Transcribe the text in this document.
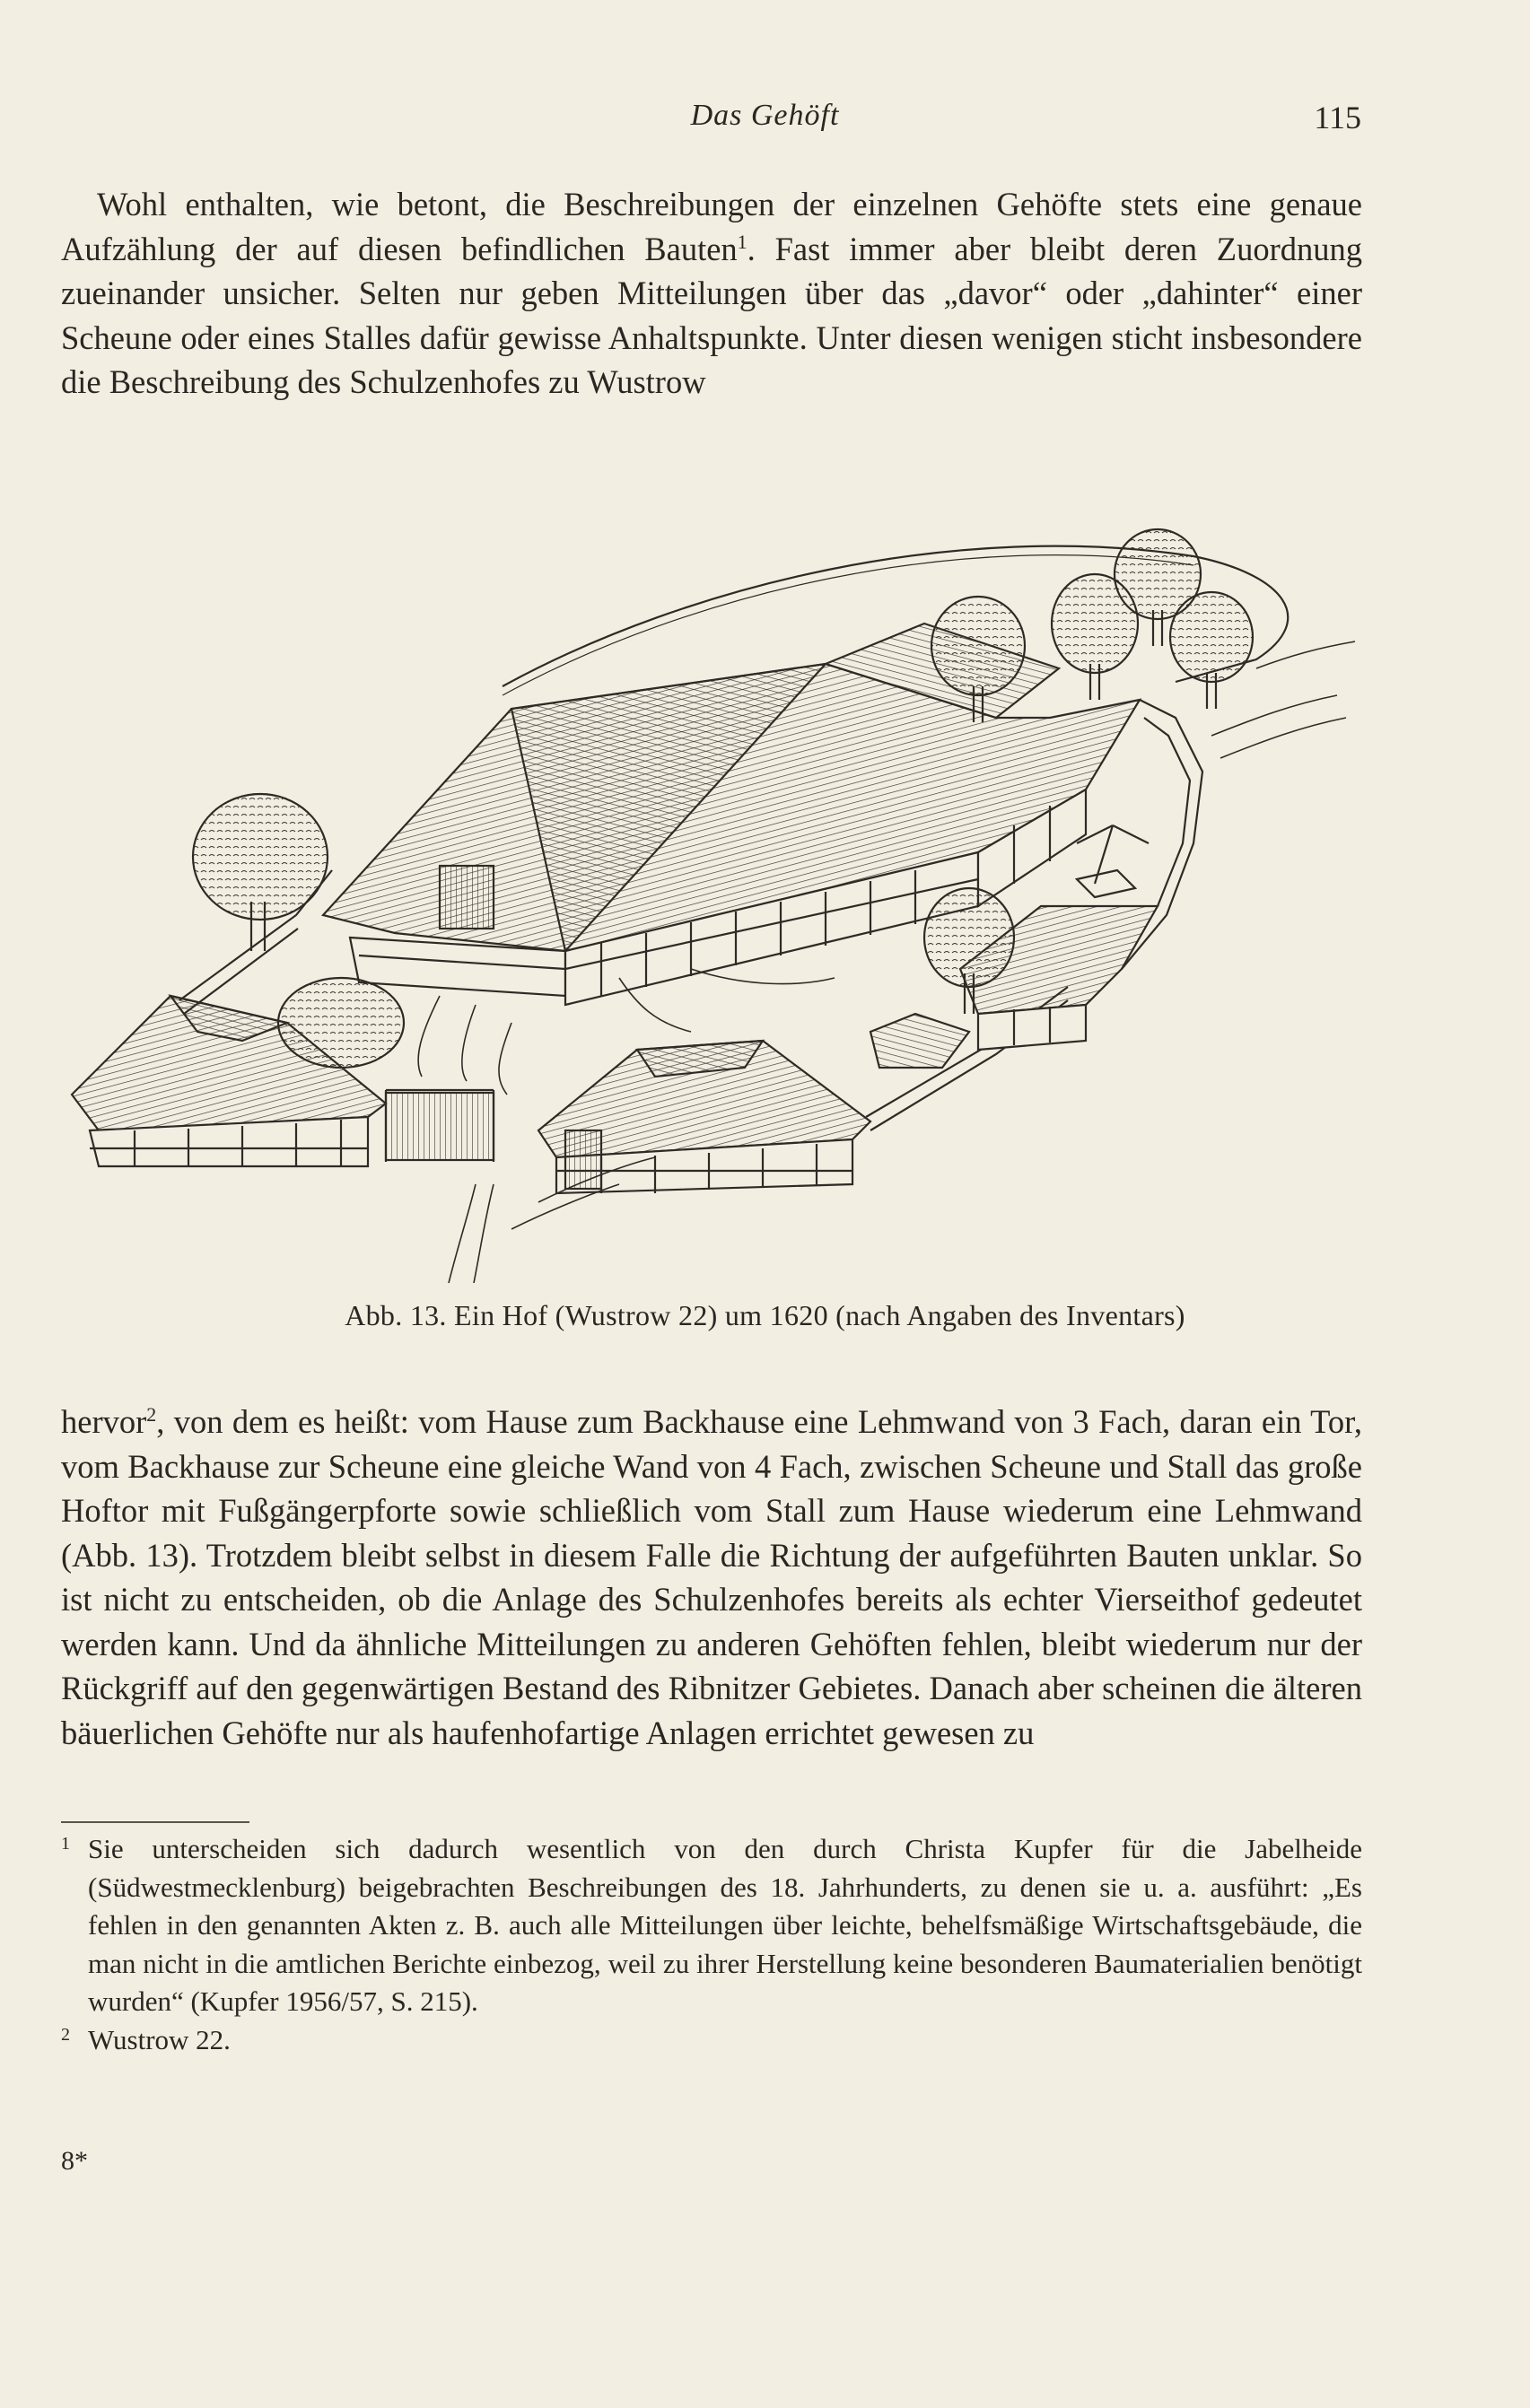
Das Gehöft	115

Wohl enthalten, wie betont, die Beschreibungen der einzelnen Gehöfte stets eine genaue Aufzählung der auf diesen befindlichen Bauten$^1$. Fast immer aber bleibt deren Zuordnung zueinander unsicher. Selten nur geben Mitteilungen über das „davor“ oder „dahinter“ einer Scheune oder eines Stalles dafür gewisse Anhaltspunkte. Unter diesen wenigen sticht insbesondere die Beschreibung des Schulzenhofes zu Wustrow

Abb. 13. Ein Hof (Wustrow 22) um 1620 (nach Angaben des Inventars)

hervor$^2$, von dem es heißt: vom Hause zum Backhause eine Lehmwand von 3 Fach, daran ein Tor, vom Backhause zur Scheune eine gleiche Wand von 4 Fach, zwischen Scheune und Stall das große Hoftor mit Fußgängerpforte sowie schließlich vom Stall zum Hause wiederum eine Lehmwand (Abb. 13). Trotzdem bleibt selbst in diesem Falle die Richtung der aufgeführten Bauten unklar. So ist nicht zu entscheiden, ob die Anlage des Schulzenhofes bereits als echter Vierseithof gedeutet werden kann. Und da ähnliche Mitteilungen zu anderen Gehöften fehlen, bleibt wiederum nur der Rückgriff auf den gegenwärtigen Bestand des Ribnitzer Gebietes. Danach aber scheinen die älteren bäuerlichen Gehöfte nur als haufenhofartige Anlagen errichtet gewesen zu

1 Sie unterscheiden sich dadurch wesentlich von den durch Christa Kupfer für die Jabelheide (Südwestmecklenburg) beigebrachten Beschreibungen des 18. Jahrhunderts, zu denen sie u. a. ausführt: „Es fehlen in den genannten Akten z. B. auch alle Mitteilungen über leichte, behelfsmäßige Wirtschaftsgebäude, die man nicht in die amtlichen Berichte einbezog, weil zu ihrer Herstellung keine besonderen Baumaterialien benötigt wurden“ (Kupfer 1956/57, S. 215).

2 Wustrow 22.

8*
